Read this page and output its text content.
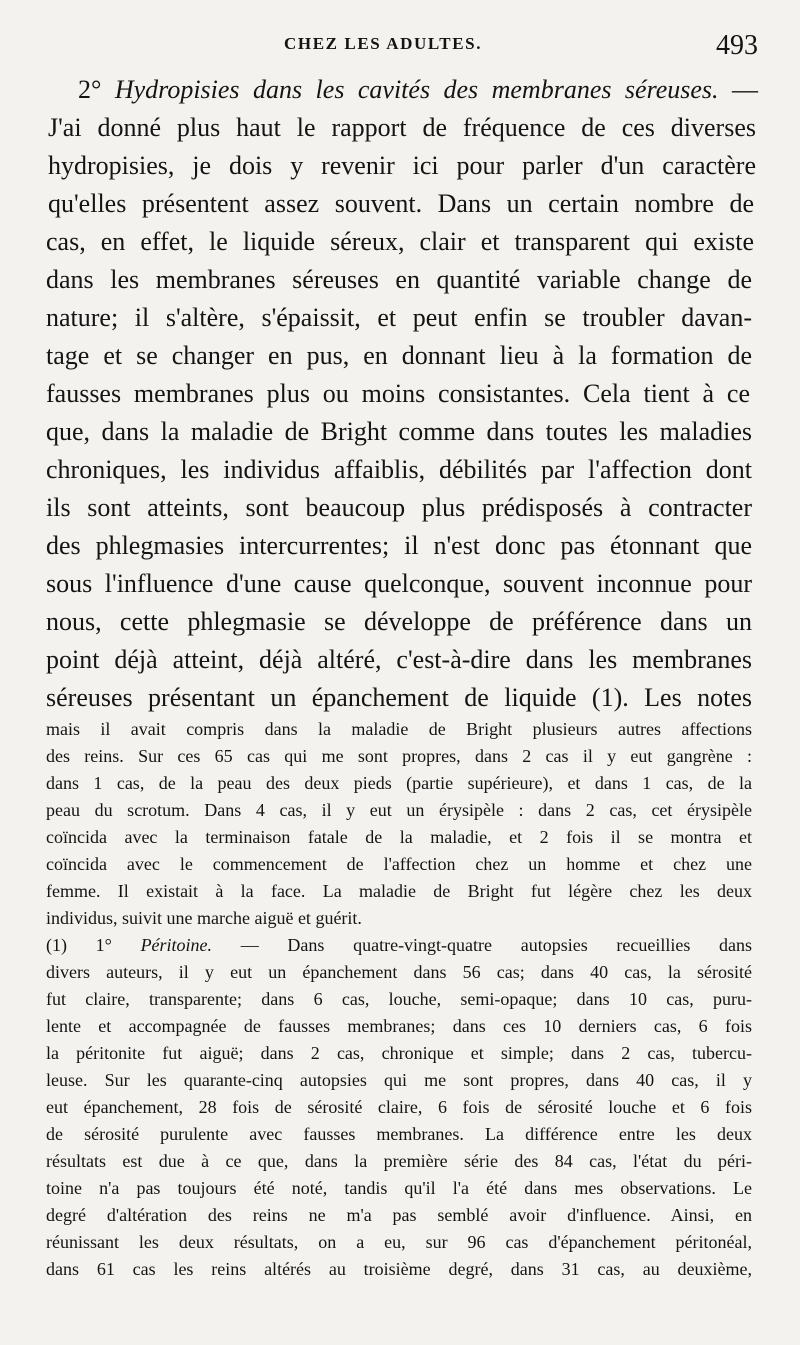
CHEZ LES ADULTES.	493
2° Hydropisies dans les cavités des membranes séreuses. —
J'ai donné plus haut le rapport de fréquence de ces diverses
hydropisies, je dois y revenir ici pour parler d'un caractère
qu'elles présentent assez souvent. Dans un certain nombre de
cas, en effet, le liquide séreux, clair et transparent qui existe
dans les membranes séreuses en quantité variable change de
nature; il s'altère, s'épaissit, et peut enfin se troubler davan-
tage et se changer en pus, en donnant lieu à la formation de
fausses membranes plus ou moins consistantes. Cela tient à ce
que, dans la maladie de Bright comme dans toutes les maladies
chroniques, les individus affaiblis, débilités par l'affection dont
ils sont atteints, sont beaucoup plus prédisposés à contracter
des phlegmasies intercurrentes; il n'est donc pas étonnant que
sous l'influence d'une cause quelconque, souvent inconnue pour
nous, cette phlegmasie se développe de préférence dans un
point déjà atteint, déjà altéré, c'est-à-dire dans les membranes
séreuses présentant un épanchement de liquide (1). Les notes
mais il avait compris dans la maladie de Bright plusieurs autres affections
des reins. Sur ces 65 cas qui me sont propres, dans 2 cas il y eut gangrène :
dans 1 cas, de la peau des deux pieds (partie supérieure), et dans 1 cas, de la
peau du scrotum. Dans 4 cas, il y eut un érysipèle : dans 2 cas, cet érysipèle
coïncida avec la terminaison fatale de la maladie, et 2 fois il se montra et
coïncida avec le commencement de l'affection chez un homme et chez une
femme. Il existait à la face. La maladie de Bright fut légère chez les deux
individus, suivit une marche aiguë et guérit.
(1) 1° Péritoine. — Dans quatre-vingt-quatre autopsies recueillies dans
divers auteurs, il y eut un épanchement dans 56 cas; dans 40 cas, la sérosité
fut claire, transparente; dans 6 cas, louche, semi-opaque; dans 10 cas, puru-
lente et accompagnée de fausses membranes; dans ces 10 derniers cas, 6 fois
la péritonite fut aiguë; dans 2 cas, chronique et simple; dans 2 cas, tubercu-
leuse. Sur les quarante-cinq autopsies qui me sont propres, dans 40 cas, il y
eut épanchement, 28 fois de sérosité claire, 6 fois de sérosité louche et 6 fois
de sérosité purulente avec fausses membranes. La différence entre les deux
résultats est due à ce que, dans la première série des 84 cas, l'état du péri-
toine n'a pas toujours été noté, tandis qu'il l'a été dans mes observations. Le
degré d'altération des reins ne m'a pas semblé avoir d'influence. Ainsi, en
réunissant les deux résultats, on a eu, sur 96 cas d'épanchement péritonéal,
dans 61 cas les reins altérés au troisième degré, dans 31 cas, au deuxième,
